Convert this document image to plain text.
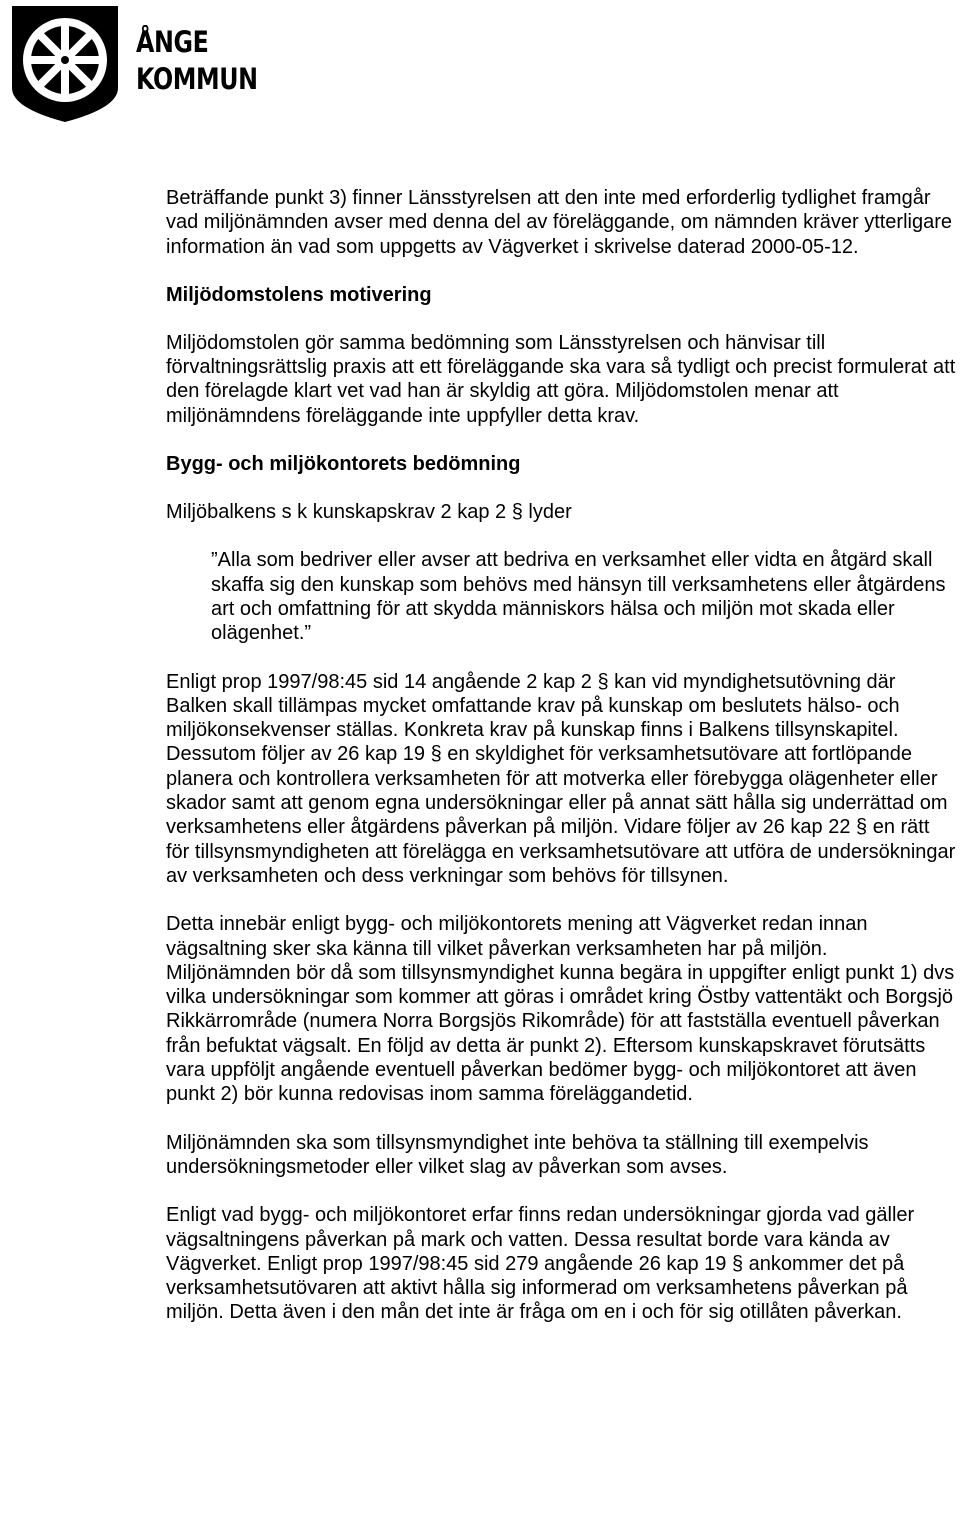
ÅNGE
KOMMUN

Beträffande punkt 3) finner Länsstyrelsen att den inte med erforderlig tydlighet framgår vad miljönämnden avser med denna del av föreläggande, om nämnden kräver ytterligare information än vad som uppgetts av Vägverket i skrivelse daterad 2000-05-12.

Miljödomstolens motivering

Miljödomstolen gör samma bedömning som Länsstyrelsen och hänvisar till förvaltningsrättslig praxis att ett föreläggande ska vara så tydligt och precist formulerat att den förelagde klart vet vad han är skyldig att göra. Miljödomstolen menar att miljönämndens föreläggande inte uppfyller detta krav.

Bygg- och miljökontorets bedömning

Miljöbalkens s k kunskapskrav 2 kap 2 § lyder

”Alla som bedriver eller avser att bedriva en verksamhet eller vidta en åtgärd skall skaffa sig den kunskap som behövs med hänsyn till verksamhetens eller åtgärdens art och omfattning för att skydda människors hälsa och miljön mot skada eller olägenhet.”

Enligt prop 1997/98:45 sid 14 angående 2 kap 2 § kan vid myndighetsutövning där Balken skall tillämpas mycket omfattande krav på kunskap om beslutets hälso- och miljökonsekvenser ställas. Konkreta krav på kunskap finns i Balkens tillsynskapitel. Dessutom följer av 26 kap 19 § en skyldighet för verksamhetsutövare att fortlöpande planera och kontrollera verksamheten för att motverka eller förebygga olägenheter eller skador samt att genom egna undersökningar eller på annat sätt hålla sig underrättad om verksamhetens eller åtgärdens påverkan på miljön. Vidare följer av 26 kap 22 § en rätt för tillsynsmyndigheten att förelägga en verksamhetsutövare att utföra de undersökningar av verksamheten och dess verkningar som behövs för tillsynen.

Detta innebär enligt bygg- och miljökontorets mening att Vägverket redan innan vägsaltning sker ska känna till vilket påverkan verksamheten har på miljön. Miljönämnden bör då som tillsynsmyndighet kunna begära in uppgifter enligt punkt 1) dvs vilka undersökningar som kommer att göras i området kring Östby vattentäkt och Borgsjö Rikkärrområde (numera Norra Borgsjös Rikområde) för att fastställa eventuell påverkan från befuktat vägsalt. En följd av detta är punkt 2). Eftersom kunskapskravet förutsätts vara uppföljt angående eventuell påverkan bedömer bygg- och miljökontoret att även punkt 2) bör kunna redovisas inom samma föreläggandetid.

Miljönämnden ska som tillsynsmyndighet inte behöva ta ställning till exempelvis undersökningsmetoder eller vilket slag av påverkan som avses.

Enligt vad bygg- och miljökontoret erfar finns redan undersökningar gjorda vad gäller vägsaltningens påverkan på mark och vatten. Dessa resultat borde vara kända av Vägverket. Enligt prop 1997/98:45 sid 279 angående 26 kap 19 § ankommer det på verksamhetsutövaren att aktivt hålla sig informerad om verksamhetens påverkan på miljön. Detta även i den mån det inte är fråga om en i och för sig otillåten påverkan.
